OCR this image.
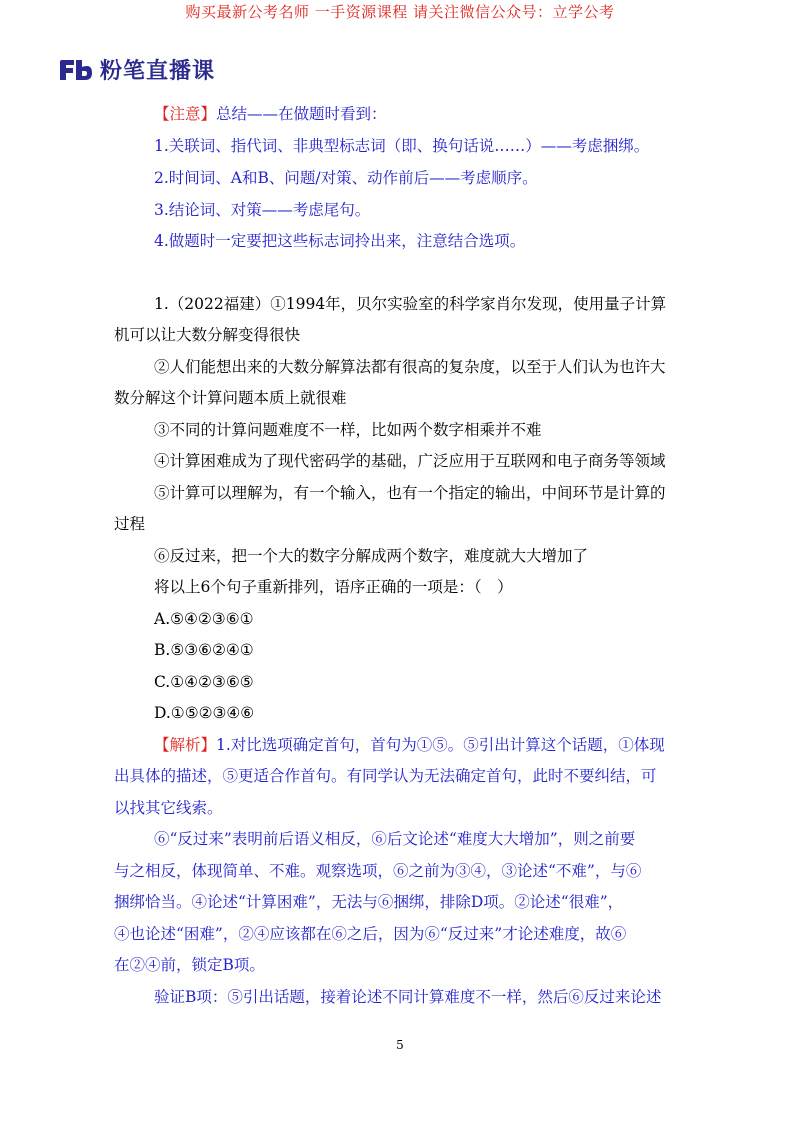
购买最新公考名师 一手资源课程 请关注微信公众号：立学公考
粉笔直播课
【注意】总结——在做题时看到：
1.关联词、指代词、非典型标志词（即、换句话说……）——考虑捆绑。
2.时间词、A和B、问题/对策、动作前后——考虑顺序。
3.结论词、对策——考虑尾句。
4.做题时一定要把这些标志词拎出来，注意结合选项。
1.（2022福建）①1994年，贝尔实验室的科学家肖尔发现，使用量子计算
机可以让大数分解变得很快
②人们能想出来的大数分解算法都有很高的复杂度，以至于人们认为也许大
数分解这个计算问题本质上就很难
③不同的计算问题难度不一样，比如两个数字相乘并不难
④计算困难成为了现代密码学的基础，广泛应用于互联网和电子商务等领域
⑤计算可以理解为，有一个输入，也有一个指定的输出，中间环节是计算的
过程
⑥反过来，把一个大的数字分解成两个数字，难度就大大增加了
将以上6个句子重新排列，语序正确的一项是：（　）
A.⑤④②③⑥①
B.⑤③⑥②④①
C.①④②③⑥⑤
D.①⑤②③④⑥
【解析】1.对比选项确定首句，首句为①⑤。⑤引出计算这个话题，①体现
出具体的描述，⑤更适合作首句。有同学认为无法确定首句，此时不要纠结，可
以找其它线索。
⑥“反过来”表明前后语义相反，⑥后文论述“难度大大增加”，则之前要
与之相反，体现简单、不难。观察选项，⑥之前为③④，③论述“不难”，与⑥
捆绑恰当。④论述“计算困难”，无法与⑥捆绑，排除D项。②论述“很难”，
④也论述“困难”，②④应该都在⑥之后，因为⑥“反过来”才论述难度，故⑥
在②④前，锁定B项。
验证B项：⑤引出话题，接着论述不同计算难度不一样，然后⑥反过来论述
5
